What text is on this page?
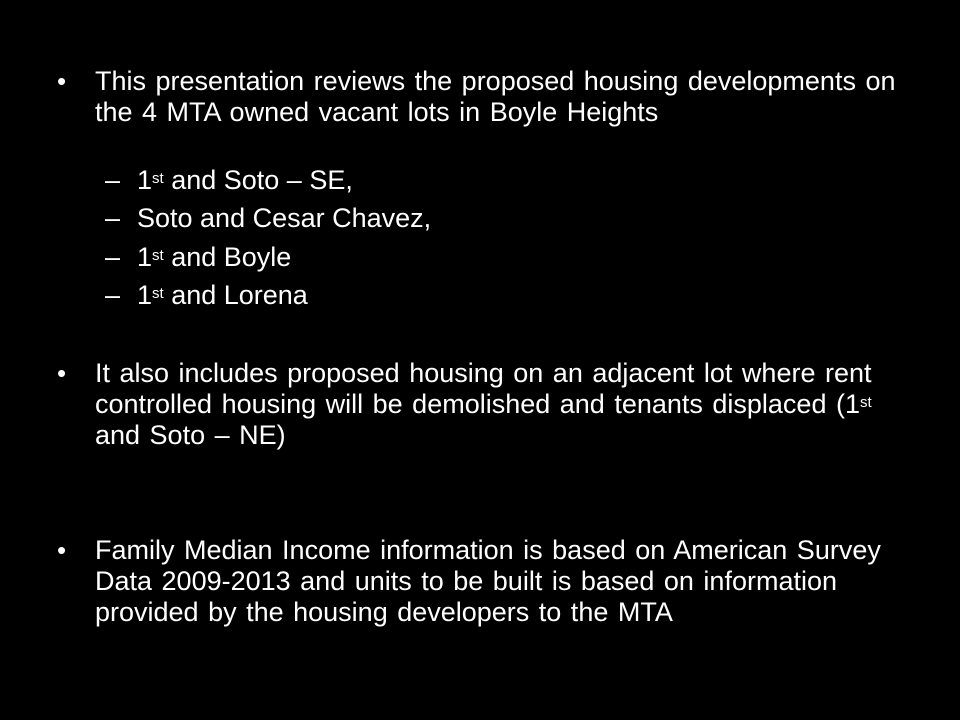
• This presentation reviews the proposed housing developments on the 4 MTA owned vacant lots in Boyle Heights
– 1st and Soto – SE,
– Soto and Cesar Chavez,
– 1st and Boyle
– 1st and Lorena
• It also includes proposed housing on an adjacent lot where rent controlled housing will be demolished and tenants displaced (1st and Soto – NE)
• Family Median Income information is based on American Survey Data 2009-2013 and units to be built is based on information provided by the housing developers to the MTA
